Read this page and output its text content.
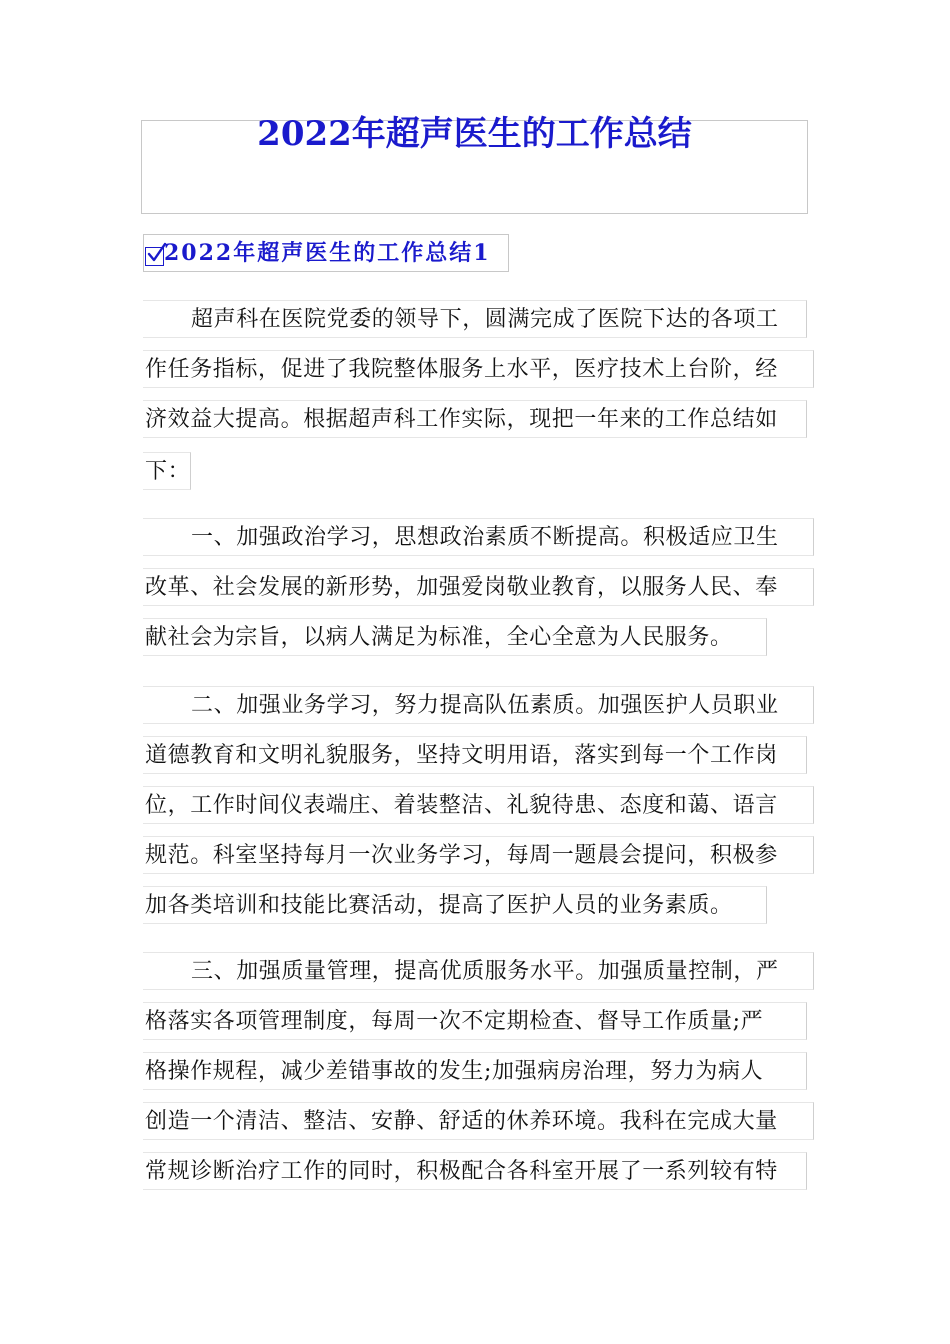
2022年超声医生的工作总结
2022年超声医生的工作总结1
超声科在医院党委的领导下，圆满完成了医院下达的各项工
作任务指标，促进了我院整体服务上水平，医疗技术上台阶，经
济效益大提高。根据超声科工作实际，现把一年来的工作总结如
下：
一、加强政治学习，思想政治素质不断提高。积极适应卫生
改革、社会发展的新形势，加强爱岗敬业教育，以服务人民、奉
献社会为宗旨，以病人满足为标准，全心全意为人民服务。
二、加强业务学习，努力提高队伍素质。加强医护人员职业
道德教育和文明礼貌服务，坚持文明用语，落实到每一个工作岗
位，工作时间仪表端庄、着装整洁、礼貌待患、态度和蔼、语言
规范。科室坚持每月一次业务学习，每周一题晨会提问，积极参
加各类培训和技能比赛活动，提高了医护人员的业务素质。
三、加强质量管理，提高优质服务水平。加强质量控制，严
格落实各项管理制度，每周一次不定期检查、督导工作质量;严
格操作规程，减少差错事故的发生;加强病房治理，努力为病人
创造一个清洁、整洁、安静、舒适的休养环境。我科在完成大量
常规诊断治疗工作的同时，积极配合各科室开展了一系列较有特
